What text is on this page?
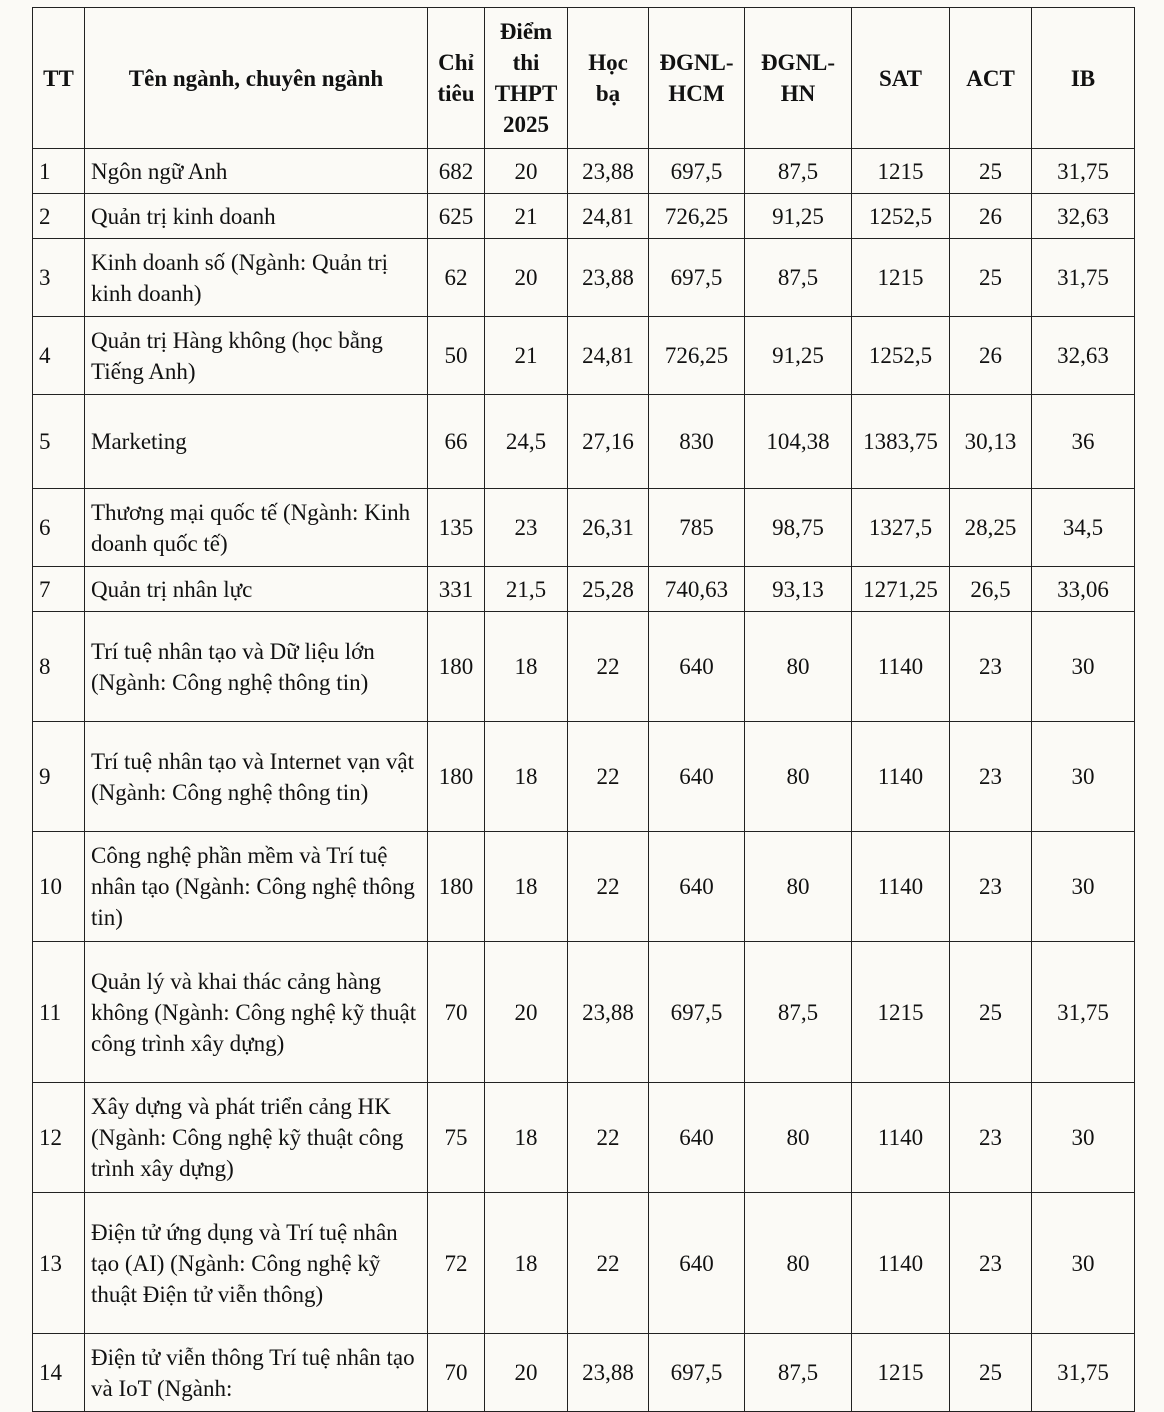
TT	Tên ngành, chuyên ngành	Chỉ tiêu	Điểm thi THPT 2025	Học bạ	ĐGNL-HCM	ĐGNL-HN	SAT	ACT	IB
1	Ngôn ngữ Anh	682	20	23,88	697,5	87,5	1215	25	31,75
2	Quản trị kinh doanh	625	21	24,81	726,25	91,25	1252,5	26	32,63
3	Kinh doanh số (Ngành: Quản trị kinh doanh)	62	20	23,88	697,5	87,5	1215	25	31,75
4	Quản trị Hàng không (học bằng Tiếng Anh)	50	21	24,81	726,25	91,25	1252,5	26	32,63
5	Marketing	66	24,5	27,16	830	104,38	1383,75	30,13	36
6	Thương mại quốc tế (Ngành: Kinh doanh quốc tế)	135	23	26,31	785	98,75	1327,5	28,25	34,5
7	Quản trị nhân lực	331	21,5	25,28	740,63	93,13	1271,25	26,5	33,06
8	Trí tuệ nhân tạo và Dữ liệu lớn (Ngành: Công nghệ thông tin)	180	18	22	640	80	1140	23	30
9	Trí tuệ nhân tạo và Internet vạn vật (Ngành: Công nghệ thông tin)	180	18	22	640	80	1140	23	30
10	Công nghệ phần mềm và Trí tuệ nhân tạo (Ngành: Công nghệ thông tin)	180	18	22	640	80	1140	23	30
11	Quản lý và khai thác cảng hàng không (Ngành: Công nghệ kỹ thuật công trình xây dựng)	70	20	23,88	697,5	87,5	1215	25	31,75
12	Xây dựng và phát triển cảng HK (Ngành: Công nghệ kỹ thuật công trình xây dựng)	75	18	22	640	80	1140	23	30
13	Điện tử ứng dụng và Trí tuệ nhân tạo (AI) (Ngành: Công nghệ kỹ thuật Điện tử viễn thông)	72	18	22	640	80	1140	23	30
14	Điện tử viễn thông Trí tuệ nhân tạo và IoT (Ngành:	70	20	23,88	697,5	87,5	1215	25	31,75
